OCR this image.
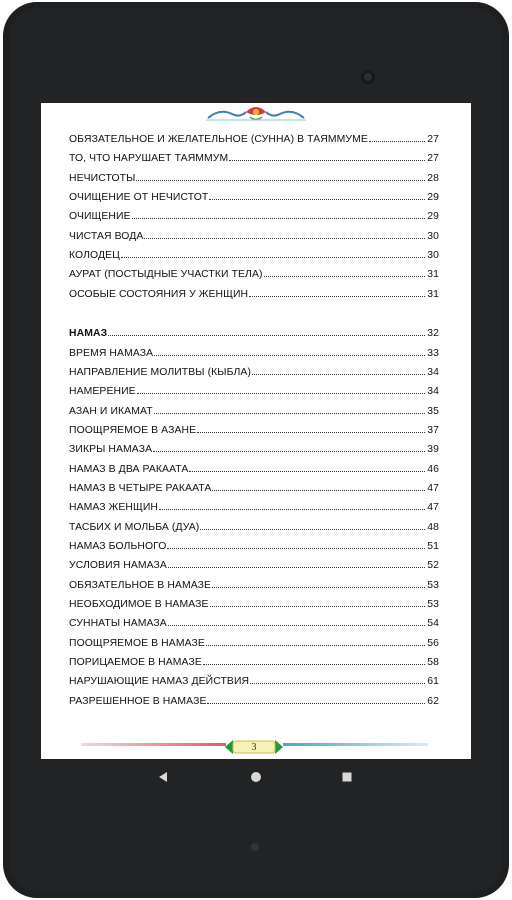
ОБЯЗАТЕЛЬНОЕ И ЖЕЛАТЕЛЬНОЕ (СУННА) В ТАЯММУМЕ	27
ТО, ЧТО НАРУШАЕТ ТАЯММУМ	27
НЕЧИСТОТЫ	28
ОЧИЩЕНИЕ ОТ НЕЧИСТОТ	29
ОЧИЩЕНИЕ	29
ЧИСТАЯ ВОДА	30
КОЛОДЕЦ	30
АУРАТ (ПОСТЫДНЫЕ УЧАСТКИ ТЕЛА)	31
ОСОБЫЕ СОСТОЯНИЯ У ЖЕНЩИН	31
НАМАЗ	32
ВРЕМЯ НАМАЗА	33
НАПРАВЛЕНИЕ МОЛИТВЫ (КЫБЛА)	34
НАМЕРЕНИЕ	34
АЗАН И ИКАМАТ	35
ПООЩРЯЕМОЕ В АЗАНЕ	37
ЗИКРЫ НАМАЗА	39
НАМАЗ В ДВА РАКААТА	46
НАМАЗ В ЧЕТЫРЕ РАКААТА	47
НАМАЗ ЖЕНЩИН	47
ТАСБИХ И МОЛЬБА (ДУА)	48
НАМАЗ БОЛЬНОГО	51
УСЛОВИЯ НАМАЗА	52
ОБЯЗАТЕЛЬНОЕ В НАМАЗЕ	53
НЕОБХОДИМОЕ В НАМАЗЕ	53
СУННАТЫ НАМАЗА	54
ПООЩРЯЕМОЕ В НАМАЗЕ	56
ПОРИЦАЕМОЕ В НАМАЗЕ	58
НАРУШАЮЩИЕ НАМАЗ ДЕЙСТВИЯ	61
РАЗРЕШЕННОЕ В НАМАЗЕ	62
3
